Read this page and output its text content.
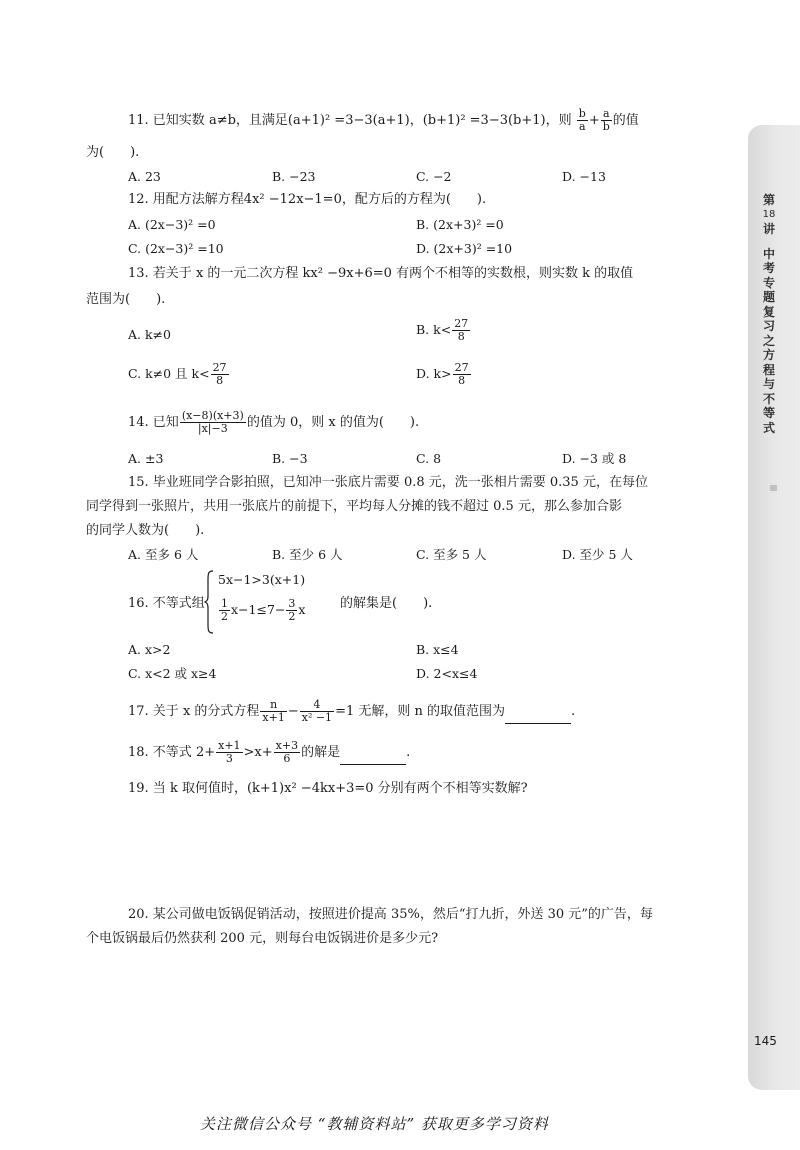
第
18
讲
中
考
专
题
复
习
之
方
程
与
不
等
式
145
11. 已知实数 a≠b，且满足(a+1)² =3−3(a+1)，(b+1)² =3−3(b+1)，则 $\frac{b}{a} + \frac{a}{b}$ 的值
为(　　).
A. 23	B. −23	C. −2	D. −13
12. 用配方法解方程4x² −12x−1=0，配方后的方程为(　　).
A. (2x−3)² =0	B. (2x+3)² =0
C. (2x−3)² =10	D. (2x+3)² =10
13. 若关于 x 的一元二次方程 kx² −9x+6=0 有两个不相等的实数根，则实数 k 的取值
范围为(　　).
A. k≠0	B. $k< \frac{27}{8}$
C. k≠0 且 $k< \frac{27}{8}$	D. $k> \frac{27}{8}$
14. 已知 $\frac{(x-8)(x+3)}{|x|-3}$ 的值为 0，则 x 的值为(　　).
A. ±3	B. −3	C. 8	D. −3 或 8
15. 毕业班同学合影拍照，已知冲一张底片需要 0.8 元，洗一张相片需要 0.35 元，在每位
同学得到一张照片，共用一张底片的前提下，平均每人分摊的钱不超过 0.5 元，那么参加合影
的同学人数为(　　).
A. 至多 6 人	B. 至少 6 人	C. 至多 5 人	D. 至少 5 人
16. 不等式组
5x−1>3(x+1)
$\frac{1}{2} x-1\le 7- \frac{3}{2}$ x	的解集是(　　).
A. x>2	B. x≤4
C. x<2 或 x≥4	D. 2<x≤4
17. 关于 x 的分式方程 $\frac{n}{x+1} - \frac{4}{\text{x² −1}} =1$ 无解，则 n 的取值范围为	.
18. 不等式 $2+ \frac{x+1}{3} >x+ \frac{x+3}{6}$ 的解是	.
19. 当 k 取何值时，(k+1)x² −4kx+3=0 分别有两个不相等实数解?
20. 某公司做电饭锅促销活动，按照进价提高 35%，然后“打九折，外送 30 元”的广告，每
个电饭锅最后仍然获利 200 元，则每台电饭锅进价是多少元?
关注微信公众号 “教辅资料站” 获取更多学习资料
